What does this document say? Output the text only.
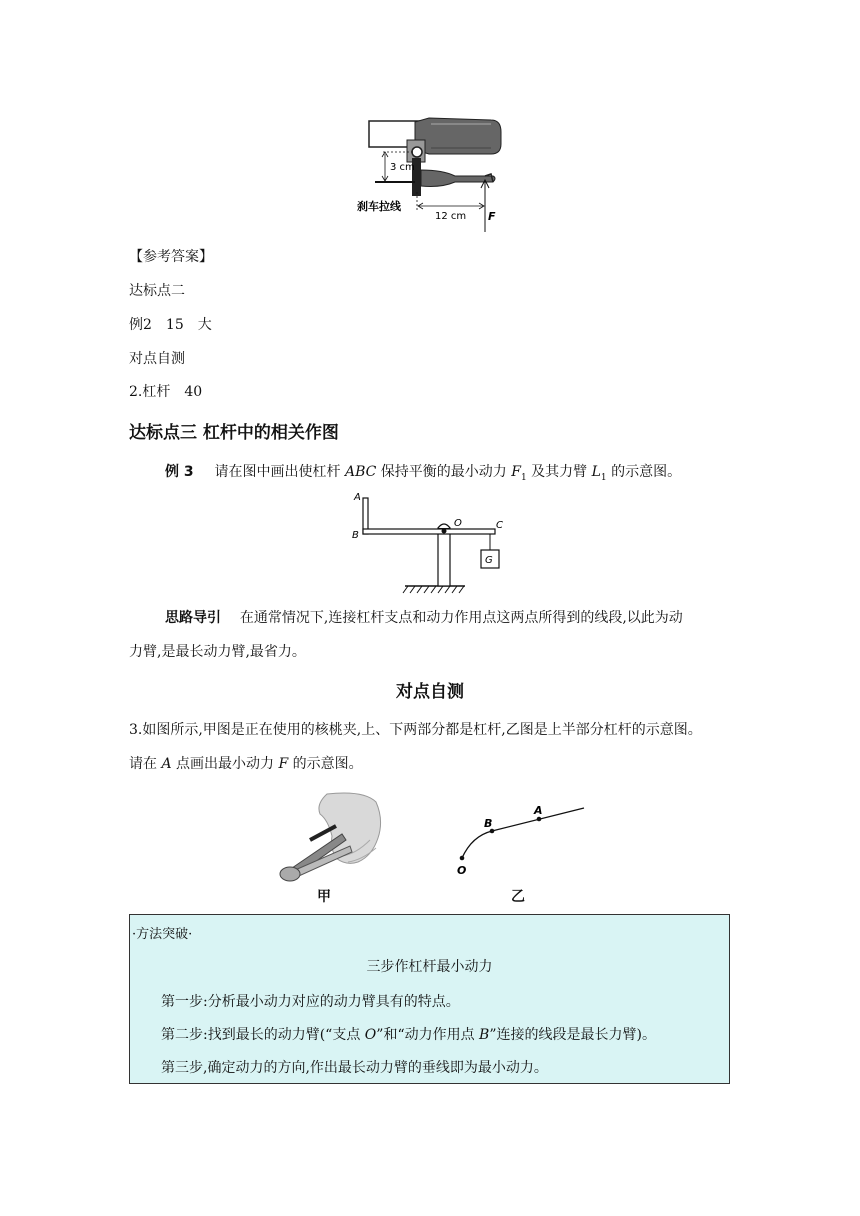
3 cm
12 cm F
刹车拉线
【参考答案】
达标点二
例2　15　大
对点自测
2.杠杆　40
达标点三 杠杆中的相关作图
例 3 请在图中画出使杠杆 ABC 保持平衡的最小动力 $F_1$ 及其力臂 $L_1$ 的示意图。
A
B
O	C
G
思路导引 在通常情况下,连接杠杆支点和动力作用点这两点所得到的线段,以此为动
力臂,是最长动力臂,最省力。
对点自测
3.如图所示,甲图是正在使用的核桃夹,上、下两部分都是杠杆,乙图是上半部分杠杆的示意图。
请在 A 点画出最小动力 F 的示意图。
甲
B
A
O
乙
·方法突破·
三步作杠杆最小动力
第一步:分析最小动力对应的动力臂具有的特点。
第二步:找到最长的动力臂(“支点 O”和“动力作用点 B”连接的线段是最长力臂)。
第三步,确定动力的方向,作出最长动力臂的垂线即为最小动力。
